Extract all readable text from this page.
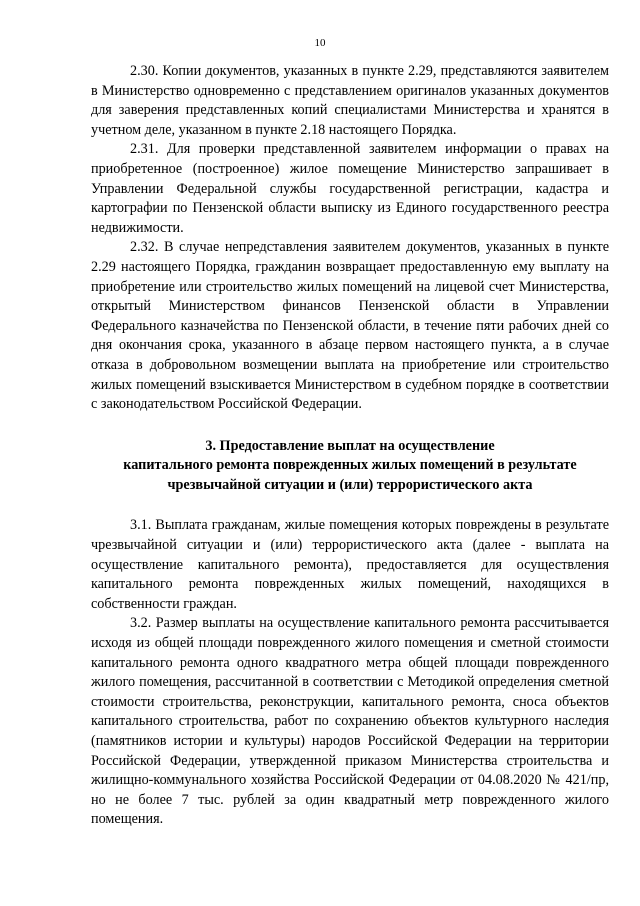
10

2.30. Копии документов, указанных в пункте 2.29, представляются заявителем в Министерство одновременно с представлением оригиналов указанных документов для заверения представленных копий специалистами Министерства и хранятся в учетном деле, указанном в пункте 2.18 настоящего Порядка.

2.31. Для проверки представленной заявителем информации о правах на приобретенное (построенное) жилое помещение Министерство запрашивает в Управлении Федеральной службы государственной регистрации, кадастра и картографии по Пензенской области выписку из Единого государственного реестра недвижимости.

2.32. В случае непредставления заявителем документов, указанных в пункте 2.29 настоящего Порядка, гражданин возвращает предоставленную ему выплату на приобретение или строительство жилых помещений на лицевой счет Министерства, открытый Министерством финансов Пензенской области в Управлении Федерального казначейства по Пензенской области, в течение пяти рабочих дней со дня окончания срока, указанного в абзаце первом настоящего пункта, а в случае отказа в добровольном возмещении выплата на приобретение или строительство жилых помещений взыскивается Министерством в судебном порядке в соответствии с законодательством Российской Федерации.

3. Предоставление выплат на осуществление
капитального ремонта поврежденных жилых помещений в результате
чрезвычайной ситуации и (или) террористического акта

3.1. Выплата гражданам, жилые помещения которых повреждены в результате чрезвычайной ситуации и (или) террористического акта (далее - выплата на осуществление капитального ремонта), предоставляется для осуществления капитального ремонта поврежденных жилых помещений, находящихся в собственности граждан.

3.2. Размер выплаты на осуществление капитального ремонта рассчитывается исходя из общей площади поврежденного жилого помещения и сметной стоимости капитального ремонта одного квадратного метра общей площади поврежденного жилого помещения, рассчитанной в соответствии с Методикой определения сметной стоимости строительства, реконструкции, капитального ремонта, сноса объектов капитального строительства, работ по сохранению объектов культурного наследия (памятников истории и культуры) народов Российской Федерации на территории Российской Федерации, утвержденной приказом Министерства строительства и жилищно-коммунального хозяйства Российской Федерации от 04.08.2020 № 421/пр, но не более 7 тыс. рублей за один квадратный метр поврежденного жилого помещения.
